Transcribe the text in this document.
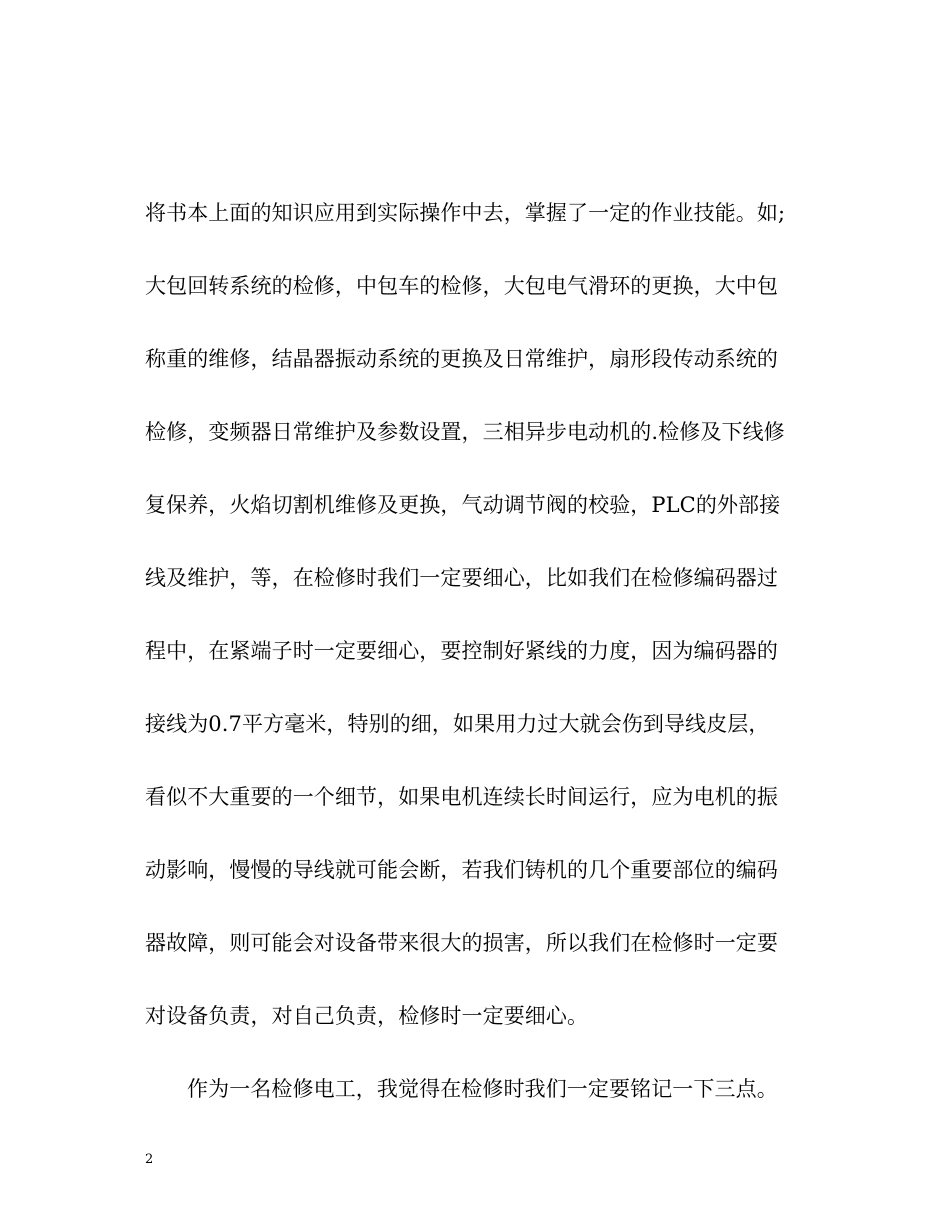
将书本上面的知识应用到实际操作中去，掌握了一定的作业技能。如;
大包回转系统的检修，中包车的检修，大包电气滑环的更换，大中包
称重的维修，结晶器振动系统的更换及日常维护，扇形段传动系统的
检修，变频器日常维护及参数设置，三相异步电动机的.检修及下线修
复保养，火焰切割机维修及更换，气动调节阀的校验，PLC的外部接
线及维护，等，在检修时我们一定要细心，比如我们在检修编码器过
程中，在紧端子时一定要细心，要控制好紧线的力度，因为编码器的
接线为0.7平方毫米，特别的细，如果用力过大就会伤到导线皮层，
看似不大重要的一个细节，如果电机连续长时间运行，应为电机的振
动影响，慢慢的导线就可能会断，若我们铸机的几个重要部位的编码
器故障，则可能会对设备带来很大的损害，所以我们在检修时一定要
对设备负责，对自己负责，检修时一定要细心。
作为一名检修电工，我觉得在检修时我们一定要铭记一下三点。
2
